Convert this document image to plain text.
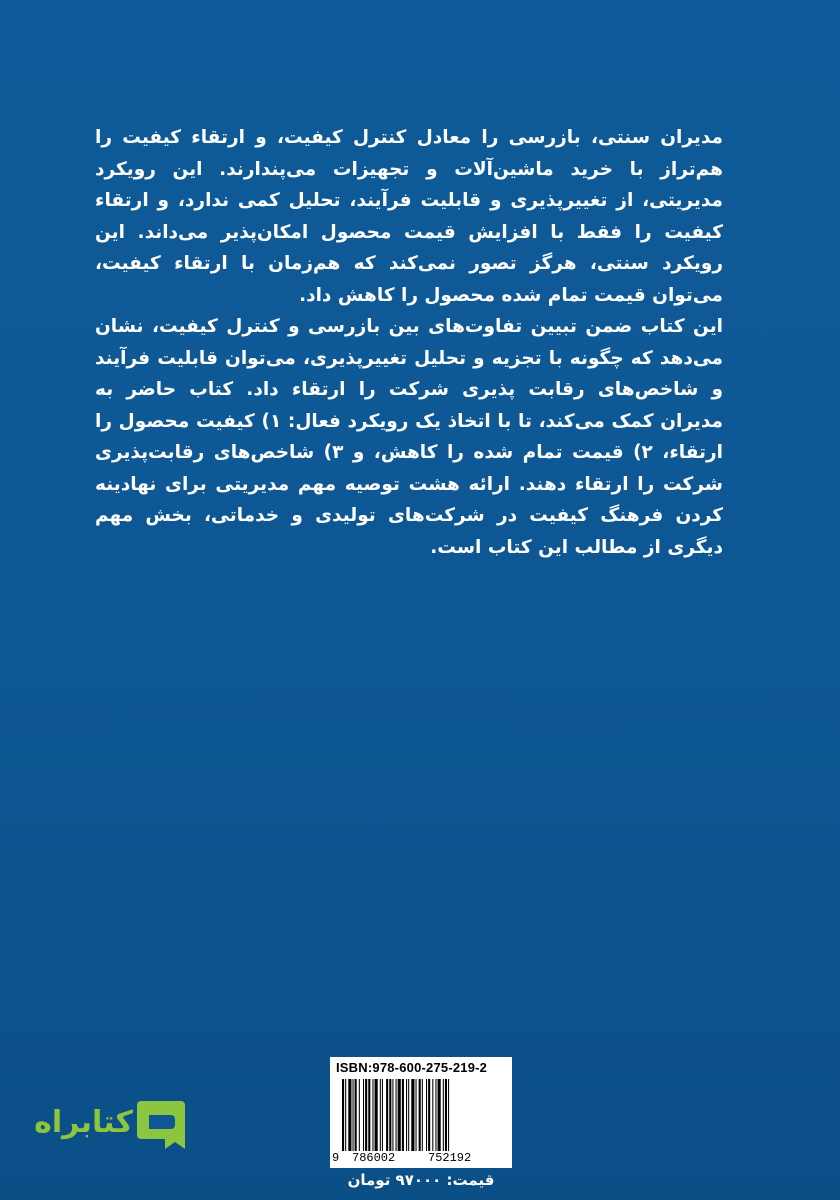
مدیران سنتی، بازرسی را معادل کنترل کیفیت، و ارتقاء کیفیت را هم‌تراز با خرید ماشین‌آلات و تجهیزات می‌پندارند. این رویکرد مدیریتی، از تغییرپذیری و قابلیت فرآیند، تحلیل کمی ندارد، و ارتقاء کیفیت را فقط با افزایش قیمت محصول امکان‌پذیر می‌داند. این رویکرد سنتی، هرگز تصور نمی‌کند که هم‌زمان با ارتقاء کیفیت، می‌توان قیمت تمام شده محصول را کاهش داد.

این کتاب ضمن تبیین تفاوت‌های بین بازرسی و کنترل کیفیت، نشان می‌دهد که چگونه با تجزیه و تحلیل تغییرپذیری، می‌توان قابلیت فرآیند و شاخص‌های رقابت پذیری شرکت را ارتقاء داد. کتاب حاضر به مدیران کمک می‌کند، تا با اتخاذ یک رویکرد فعال: ۱) کیفیت محصول را ارتقاء، ۲) قیمت تمام شده را کاهش، و ۳) شاخص‌های رقابت‌پذیری شرکت را ارتقاء دهند. ارائه هشت توصیه مهم مدیریتی برای نهادینه کردن فرهنگ کیفیت در شرکت‌های تولیدی و خدماتی، بخش مهم دیگری از مطالب این کتاب است.

ISBN:978-600-275-219-2
9 786002	752192
قیمت: ۹۷۰۰۰ تومان
کتابراه
